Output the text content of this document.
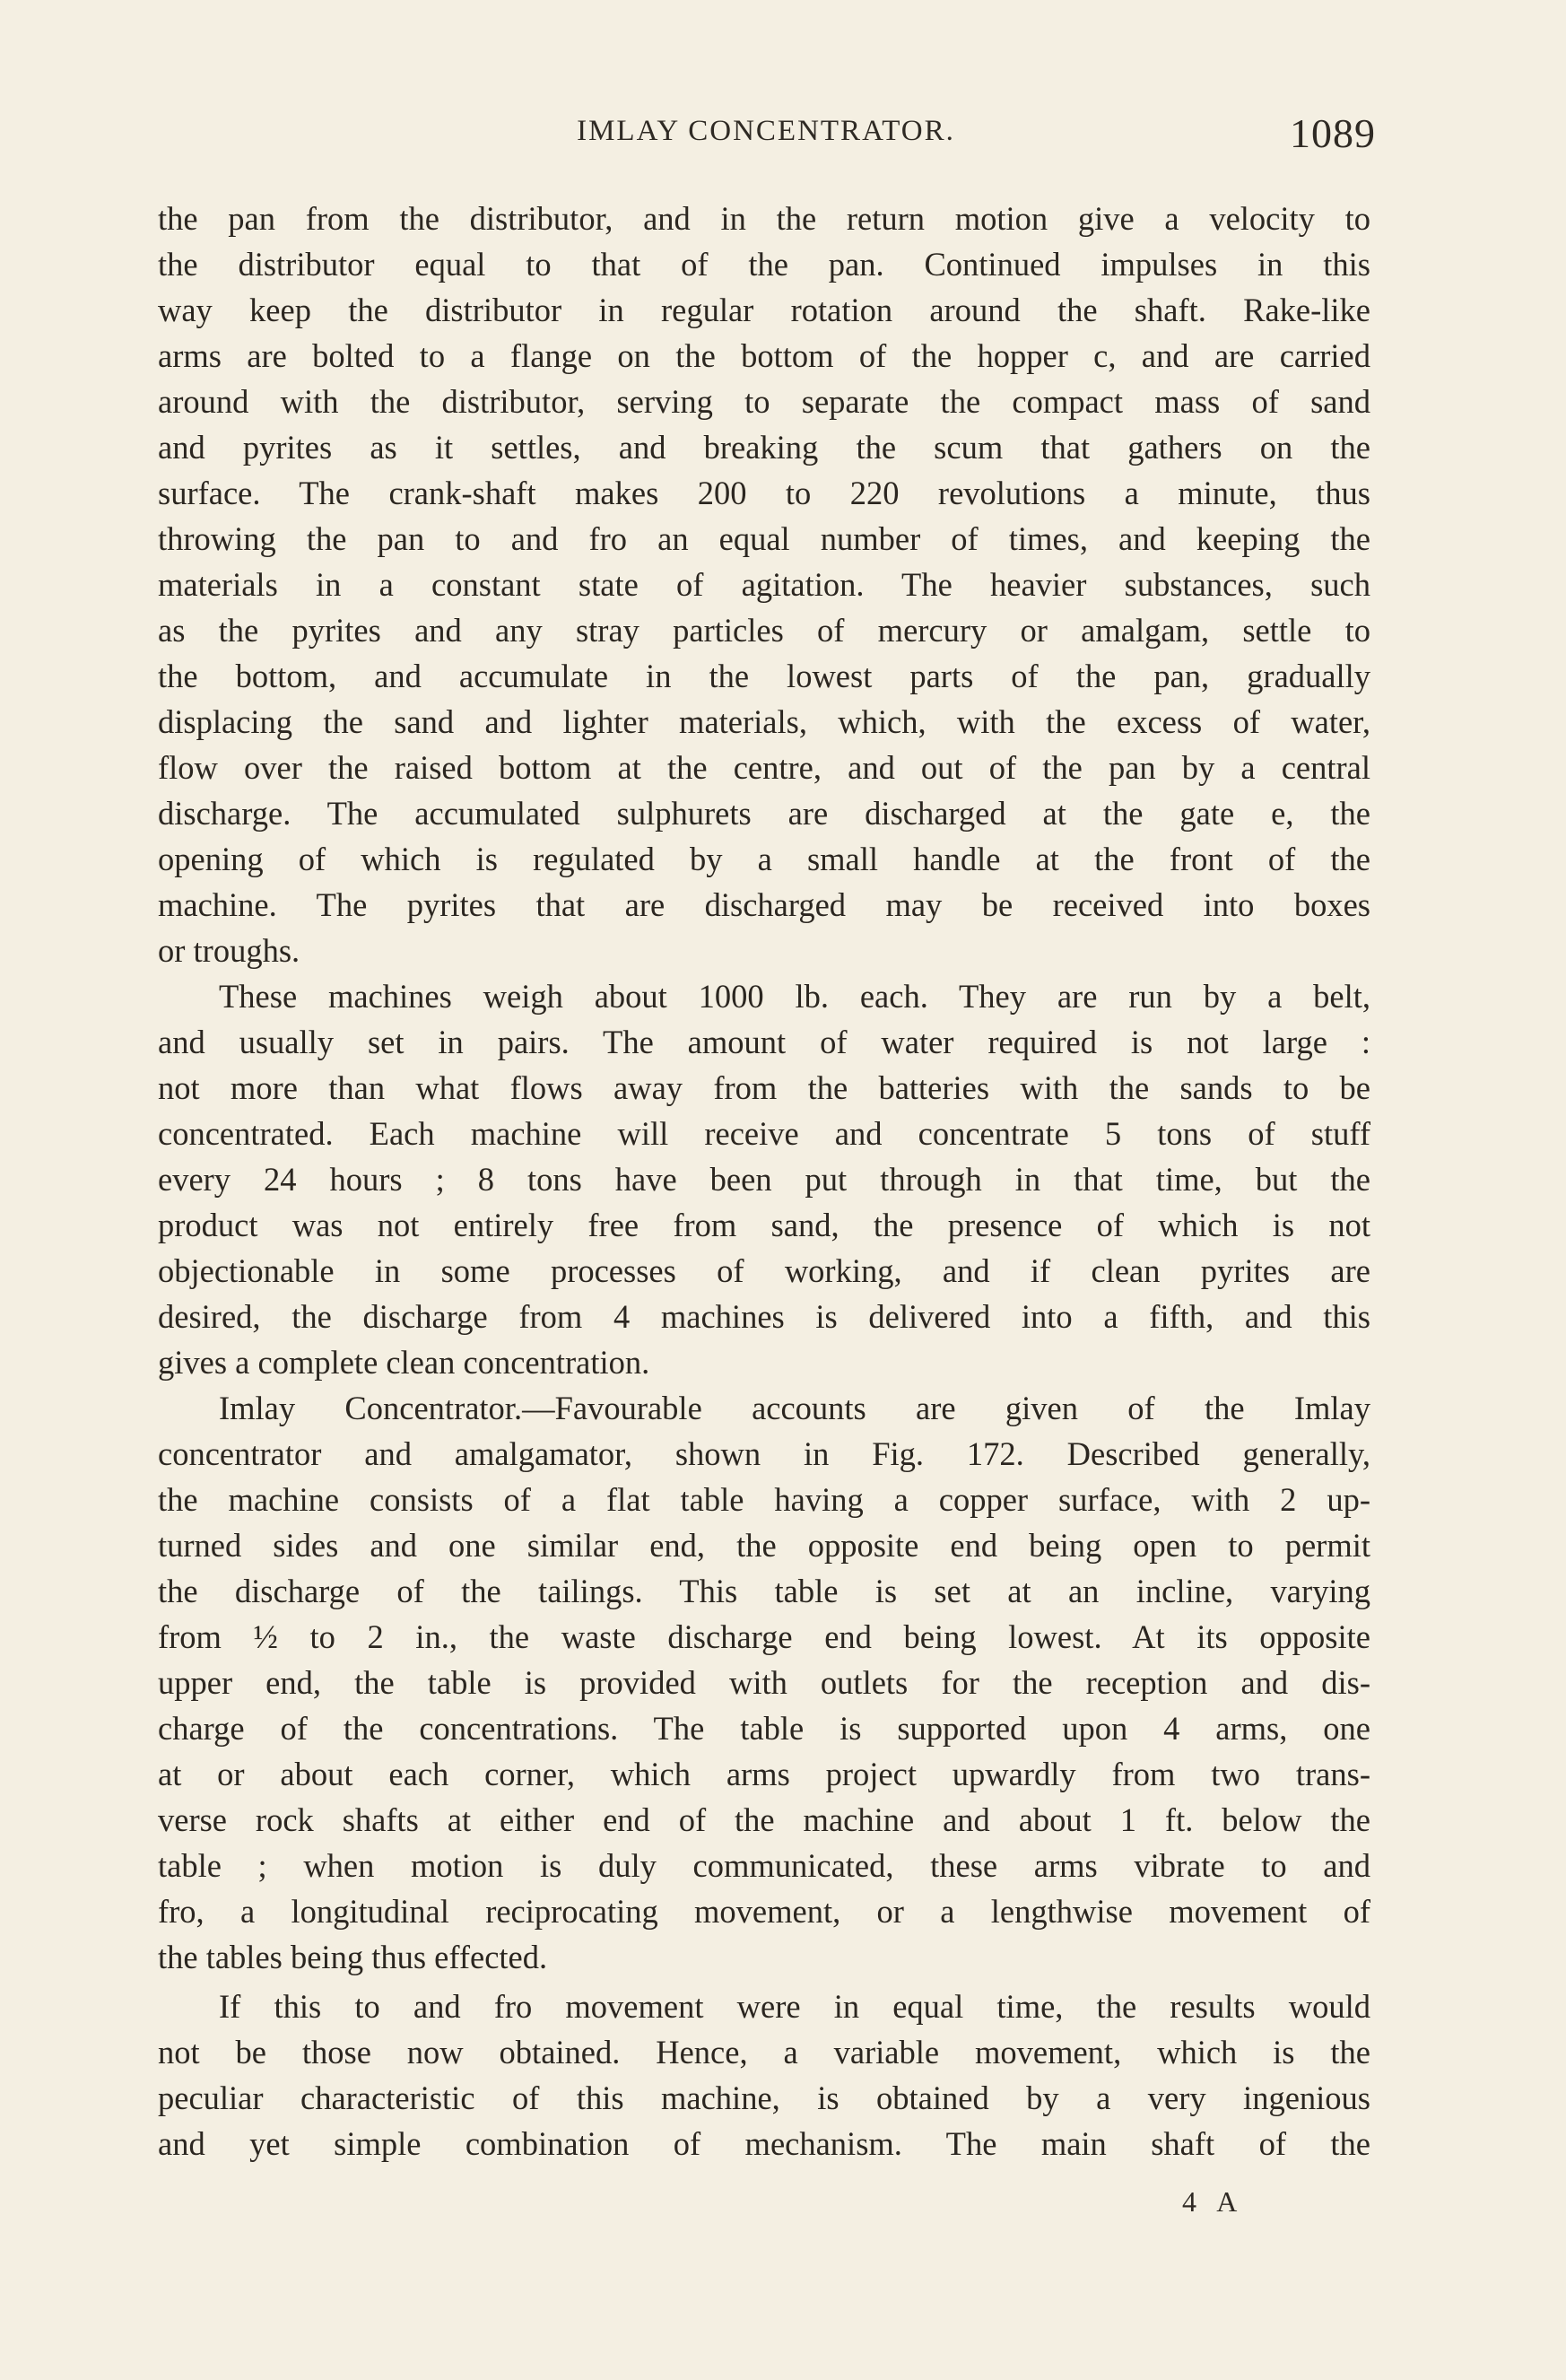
IMLAY CONCENTRATOR.	1089
the pan from the distributor, and in the return motion give a velocity to
the distributor equal to that of the pan. Continued impulses in this
way keep the distributor in regular rotation around the shaft. Rake-like
arms are bolted to a flange on the bottom of the hopper c, and are carried
around with the distributor, serving to separate the compact mass of sand
and pyrites as it settles, and breaking the scum that gathers on the
surface. The crank-shaft makes 200 to 220 revolutions a minute, thus
throwing the pan to and fro an equal number of times, and keeping the
materials in a constant state of agitation. The heavier substances, such
as the pyrites and any stray particles of mercury or amalgam, settle to
the bottom, and accumulate in the lowest parts of the pan, gradually
displacing the sand and lighter materials, which, with the excess of water,
flow over the raised bottom at the centre, and out of the pan by a central
discharge. The accumulated sulphurets are discharged at the gate e, the
opening of which is regulated by a small handle at the front of the
machine. The pyrites that are discharged may be received into boxes
or troughs.
These machines weigh about 1000 lb. each. They are run by a belt,
and usually set in pairs. The amount of water required is not large :
not more than what flows away from the batteries with the sands to be
concentrated. Each machine will receive and concentrate 5 tons of stuff
every 24 hours ; 8 tons have been put through in that time, but the
product was not entirely free from sand, the presence of which is not
objectionable in some processes of working, and if clean pyrites are
desired, the discharge from 4 machines is delivered into a fifth, and this
gives a complete clean concentration.
Imlay Concentrator.—Favourable accounts are given of the Imlay
concentrator and amalgamator, shown in Fig. 172. Described generally,
the machine consists of a flat table having a copper surface, with 2 up-
turned sides and one similar end, the opposite end being open to permit
the discharge of the tailings. This table is set at an incline, varying
from ½ to 2 in., the waste discharge end being lowest. At its opposite
upper end, the table is provided with outlets for the reception and dis-
charge of the concentrations. The table is supported upon 4 arms, one
at or about each corner, which arms project upwardly from two trans-
verse rock shafts at either end of the machine and about 1 ft. below the
table ; when motion is duly communicated, these arms vibrate to and
fro, a longitudinal reciprocating movement, or a lengthwise movement of
the tables being thus effected.
If this to and fro movement were in equal time, the results would
not be those now obtained. Hence, a variable movement, which is the
peculiar characteristic of this machine, is obtained by a very ingenious
and yet simple combination of mechanism. The main shaft of the
4 A
